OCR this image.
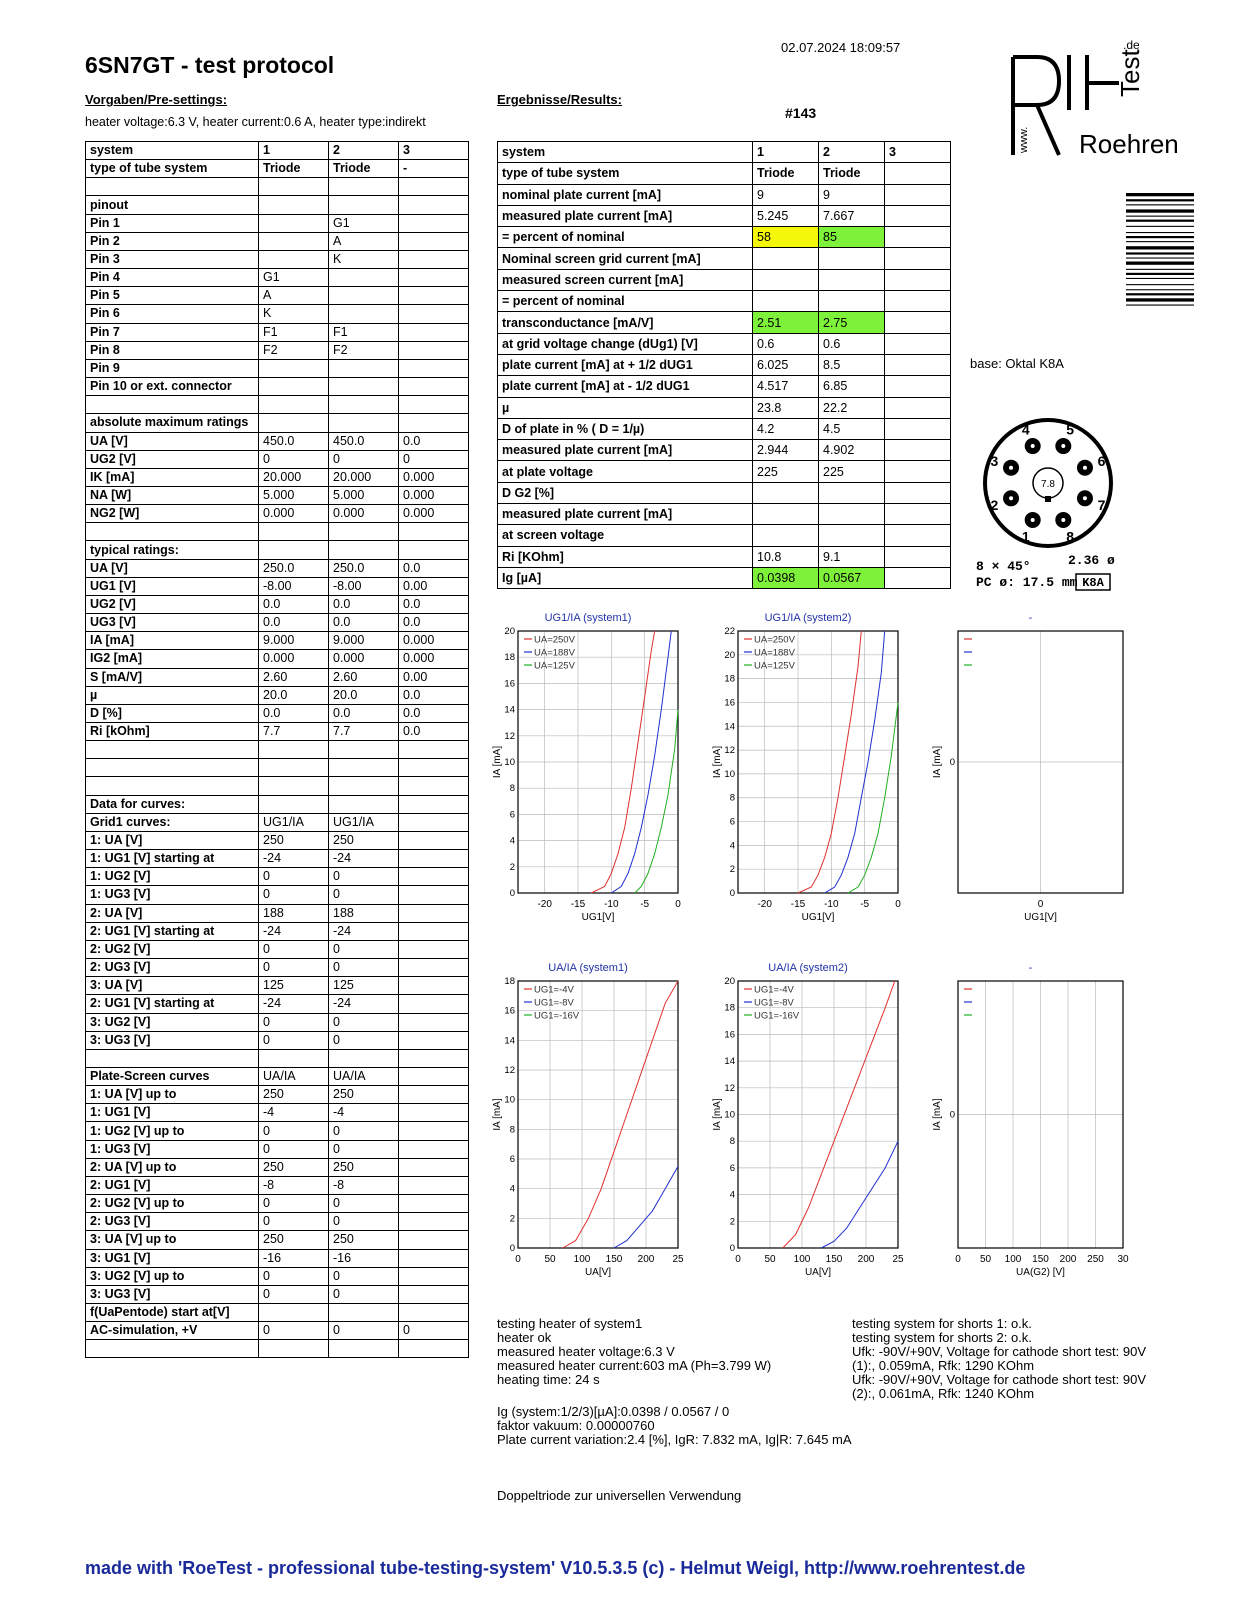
6SN7GT - test protocol
02.07.2024 18:09:57
Vorgaben/Pre-settings:	Ergebnisse/Results:
heater voltage:6.3 V, heater current:0.6 A, heater type:indirekt
#143
Roehren
Test
.de
www.
base: Oktal K8A
7.8
1
2
3
4	5
6
7
8
8 × 45°	2.36 ø
PC ø: 17.5 mm K8A
system	1	2	3
type of tube system	Triode	Triode	-

pinout			
Pin 1		G1	
Pin 2		A	
Pin 3		K	
Pin 4	G1		
Pin 5	A		
Pin 6	K		
Pin 7	F1	F1	
Pin 8	F2	F2	
Pin 9			
Pin 10 or ext. connector			

absolute maximum ratings			
UA [V]	450.0	450.0	0.0
UG2 [V]	0	0	0
IK [mA]	20.000	20.000	0.000
NA [W]	5.000	5.000	0.000
NG2 [W]	0.000	0.000	0.000

typical ratings:			
UA [V]	250.0	250.0	0.0
UG1 [V]	-8.00	-8.00	0.00
UG2 [V]	0.0	0.0	0.0
UG3 [V]	0.0	0.0	0.0
IA [mA]	9.000	9.000	0.000
IG2 [mA]	0.000	0.000	0.000
S [mA/V]	2.60	2.60	0.00
µ	20.0	20.0	0.0
D [%]	0.0	0.0	0.0
Ri [kOhm]	7.7	7.7	0.0

Data for curves:			
Grid1 curves:	UG1/IA	UG1/IA	
1: UA [V]	250	250	
1: UG1 [V] starting at	-24	-24	
1: UG2 [V]	0	0	
1: UG3 [V]	0	0	
2: UA [V]	188	188	
2: UG1 [V] starting at	-24	-24	
2: UG2 [V]	0	0	
2: UG3 [V]	0	0	
3: UA [V]	125	125	
2: UG1 [V] starting at	-24	-24	
3: UG2 [V]	0	0	
3: UG3 [V]	0	0	

Plate-Screen curves	UA/IA	UA/IA	
1: UA [V] up to	250	250	
1: UG1 [V]	-4	-4	
1: UG2 [V] up to	0	0	
1: UG3 [V]	0	0	
2: UA [V] up to	250	250	
2: UG1 [V]	-8	-8	
2: UG2 [V] up to	0	0	
2: UG3 [V]	0	0	
3: UA [V] up to	250	250	
3: UG1 [V]	-16	-16	
3: UG2 [V] up to	0	0	
3: UG3 [V]	0	0	
f(UaPentode) start at[V]			
AC-simulation, +V	0	0	0

system	1	2	3
type of tube system	Triode	Triode	
nominal plate current [mA]	9	9	
measured plate current [mA]	5.245	7.667	
= percent of nominal	58	85	
Nominal screen grid current [mA]			
measured screen current [mA]			
= percent of nominal			
transconductance [mA/V]	2.51	2.75	
at grid voltage change (dUg1) [V]	0.6	0.6	
plate current [mA] at + 1/2 dUG1	6.025	8.5	
plate current [mA] at - 1/2 dUG1	4.517	6.85	
µ	23.8	22.2	
D of plate in % ( D = 1/µ)	4.2	4.5	
measured plate current [mA]	2.944	4.902	
at plate voltage	225	225	
D G2 [%]			
measured plate current [mA]			
at screen voltage			
Ri [KOhm]	10.8	9.1	
Ig [µA]	0.0398	0.0567	
UG1/IA (system1)
-20 -15 -10 -5	0
0
2
4
6
8
10
12
14
16
18
20
UG1[V]
IA [mA]
UA=250V
UA=188V
UA=125V
UG1/IA (system2)
-20 -15 -10 -5	0
0
2
4
6
8
10
12
14
16
18
20
22
UG1[V]
IA [mA]
UA=250V
UA=188V
UA=125V
-
0
0
UG1[V]
IA [mA]
UA/IA (system1)
0 50 100 150 200 25
0
2
4
6
8
10
12
14
16
18
UA[V]
IA [mA]
UG1=-4V
UG1=-8V
UG1=-16V
UA/IA (system2)
0 50 100 150 200 25
0
2
4
6
8
10
12
14
16
18
20
UA[V]
IA [mA]
UG1=-4V
UG1=-8V
UG1=-16V
-
0 50 100 150 200 250 30
0
UA(G2) [V]
IA [mA]
testing heater of system1
heater ok
measured heater voltage:6.3 V
measured heater current:603 mA (Ph=3.799 W)
heating time: 24 s
testing system for shorts 1: o.k.
testing system for shorts 2: o.k.
Ufk: -90V/+90V, Voltage for cathode short test: 90V
(1):, 0.059mA, Rfk: 1290 KOhm
Ufk: -90V/+90V, Voltage for cathode short test: 90V
(2):, 0.061mA, Rfk: 1240 KOhm
Ig (system:1/2/3)[µA]:0.0398 / 0.0567 / 0
faktor vakuum: 0.00000760
Plate current variation:2.4 [%], IgR: 7.832 mA, Ig|R: 7.645 mA
Doppeltriode zur universellen Verwendung
made with 'RoeTest - professional tube-testing-system' V10.5.3.5 (c) - Helmut Weigl, http://www.roehrentest.de
